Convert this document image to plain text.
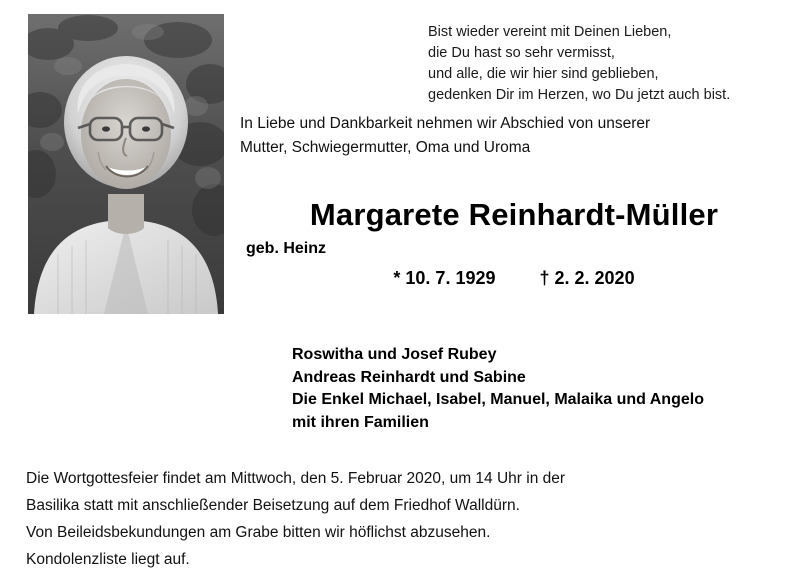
Bist wieder vereint mit Deinen Lieben,
die Du hast so sehr vermisst,
und alle, die wir hier sind geblieben,
gedenken Dir im Herzen, wo Du jetzt auch bist.
In Liebe und Dankbarkeit nehmen wir Abschied von unserer
Mutter, Schwiegermutter, Oma und Uroma
Margarete Reinhardt-Müller
geb. Heinz
* 10. 7. 1929 † 2. 2. 2020
Roswitha und Josef Rubey
Andreas Reinhardt und Sabine
Die Enkel Michael, Isabel, Manuel, Malaika und Angelo
mit ihren Familien

Die Wortgottesfeier findet am Mittwoch, den 5. Februar 2020, um 14 Uhr in der

Basilika statt mit anschließender Beisetzung auf dem Friedhof Walldürn.

Von Beileidsbekundungen am Grabe bitten wir höflichst abzusehen.

Kondolenzliste liegt auf.
